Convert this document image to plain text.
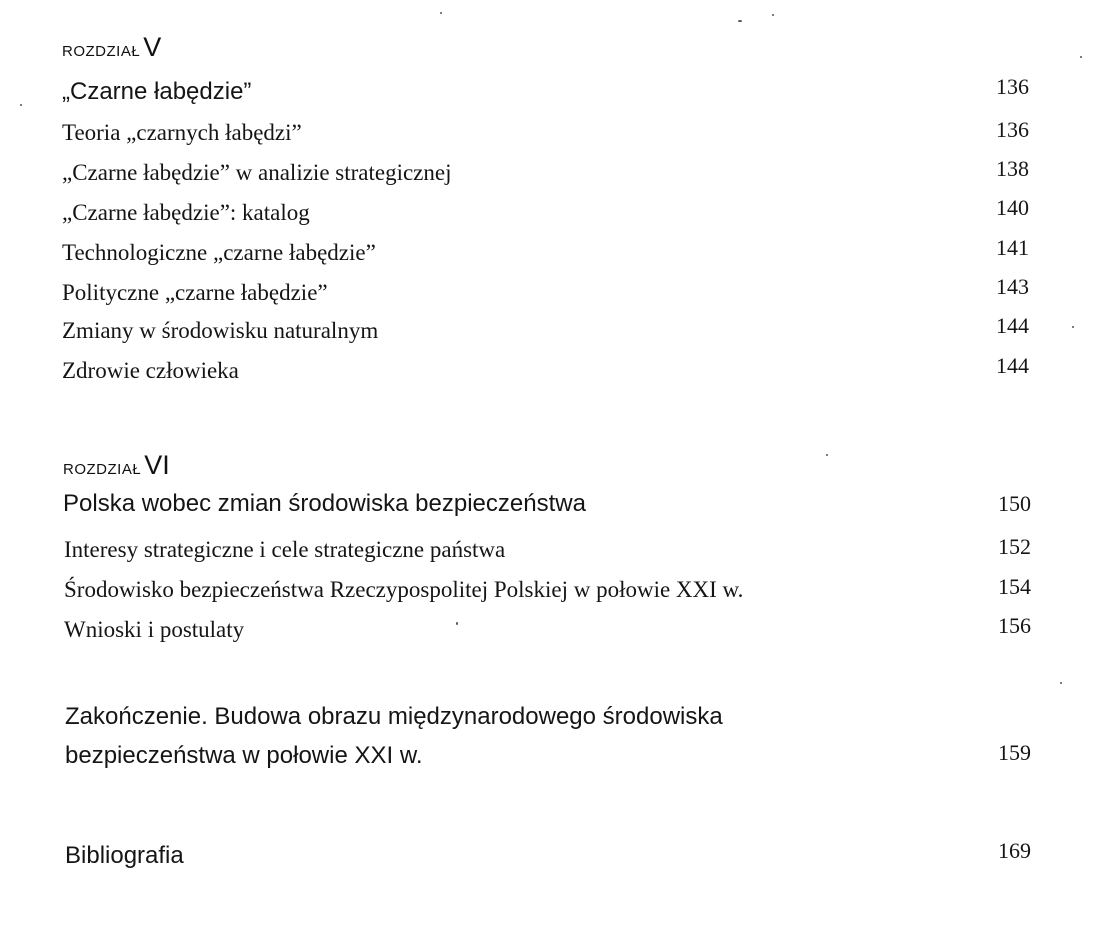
ROZDZIAŁ V
„Czarne łabędzie”	136
Teoria „czarnych łabędzi”	136
„Czarne łabędzie” w analizie strategicznej	138
„Czarne łabędzie”: katalog	140
Technologiczne „czarne łabędzie”	141
Polityczne „czarne łabędzie”	143
Zmiany w środowisku naturalnym	144
Zdrowie człowieka	144
ROZDZIAŁ VI
Polska wobec zmian środowiska bezpieczeństwa	150
Interesy strategiczne i cele strategiczne państwa	152
Środowisko bezpieczeństwa Rzeczypospolitej Polskiej w połowie XXI w.	154
Wnioski i postulaty	156
Zakończenie. Budowa obrazu międzynarodowego środowiska
bezpieczeństwa w połowie XXI w.	159
Bibliografia	169
